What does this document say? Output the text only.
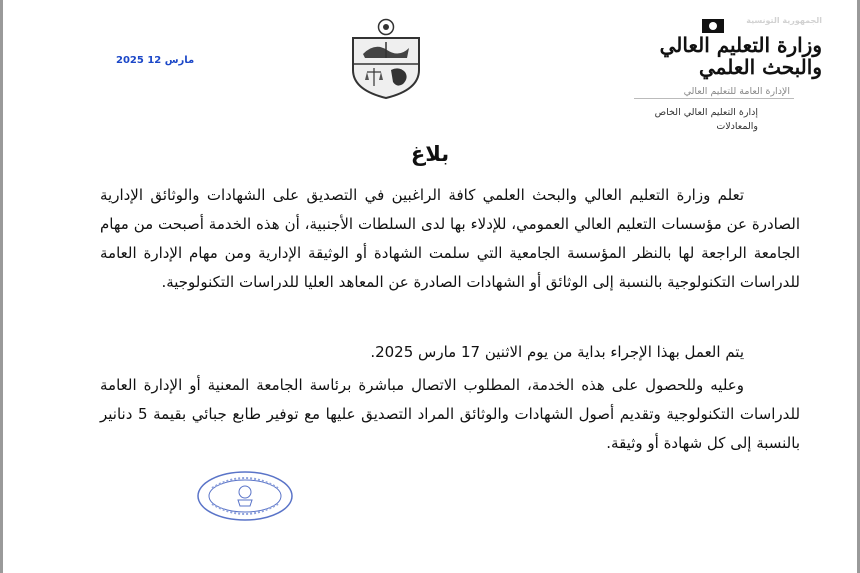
الجمهورية التونسية
وزارة التعليم العالي
والبحث العلمي
الإدارة العامة للتعليم العالي
إدارة التعليم العالي الخاص
والمعادلات
2025 12 مارس
بلاغ
تعلم وزارة التعليم العالي والبحث العلمي كافة الراغبين في التصديق على الشهادات والوثائق الإدارية الصادرة عن مؤسسات التعليم العالي العمومي، للإدلاء بها لدى السلطات الأجنبية، أن هذه الخدمة أصبحت من مهام الجامعة الراجعة لها بالنظر المؤسسة الجامعية التي سلمت الشهادة أو الوثيقة الإدارية ومن مهام الإدارة العامة للدراسات التكنولوجية بالنسبة إلى الوثائق أو الشهادات الصادرة عن المعاهد العليا للدراسات التكنولوجية.
يتم العمل بهذا الإجراء بداية من يوم الاثنين 17 مارس 2025.
وعليه وللحصول على هذه الخدمة، المطلوب الاتصال مباشرة برئاسة الجامعة المعنية أو الإدارة العامة للدراسات التكنولوجية وتقديم أصول الشهادات والوثائق المراد التصديق عليها مع توفير طابع جبائي بقيمة 5 دنانير بالنسبة إلى كل شهادة أو وثيقة.
